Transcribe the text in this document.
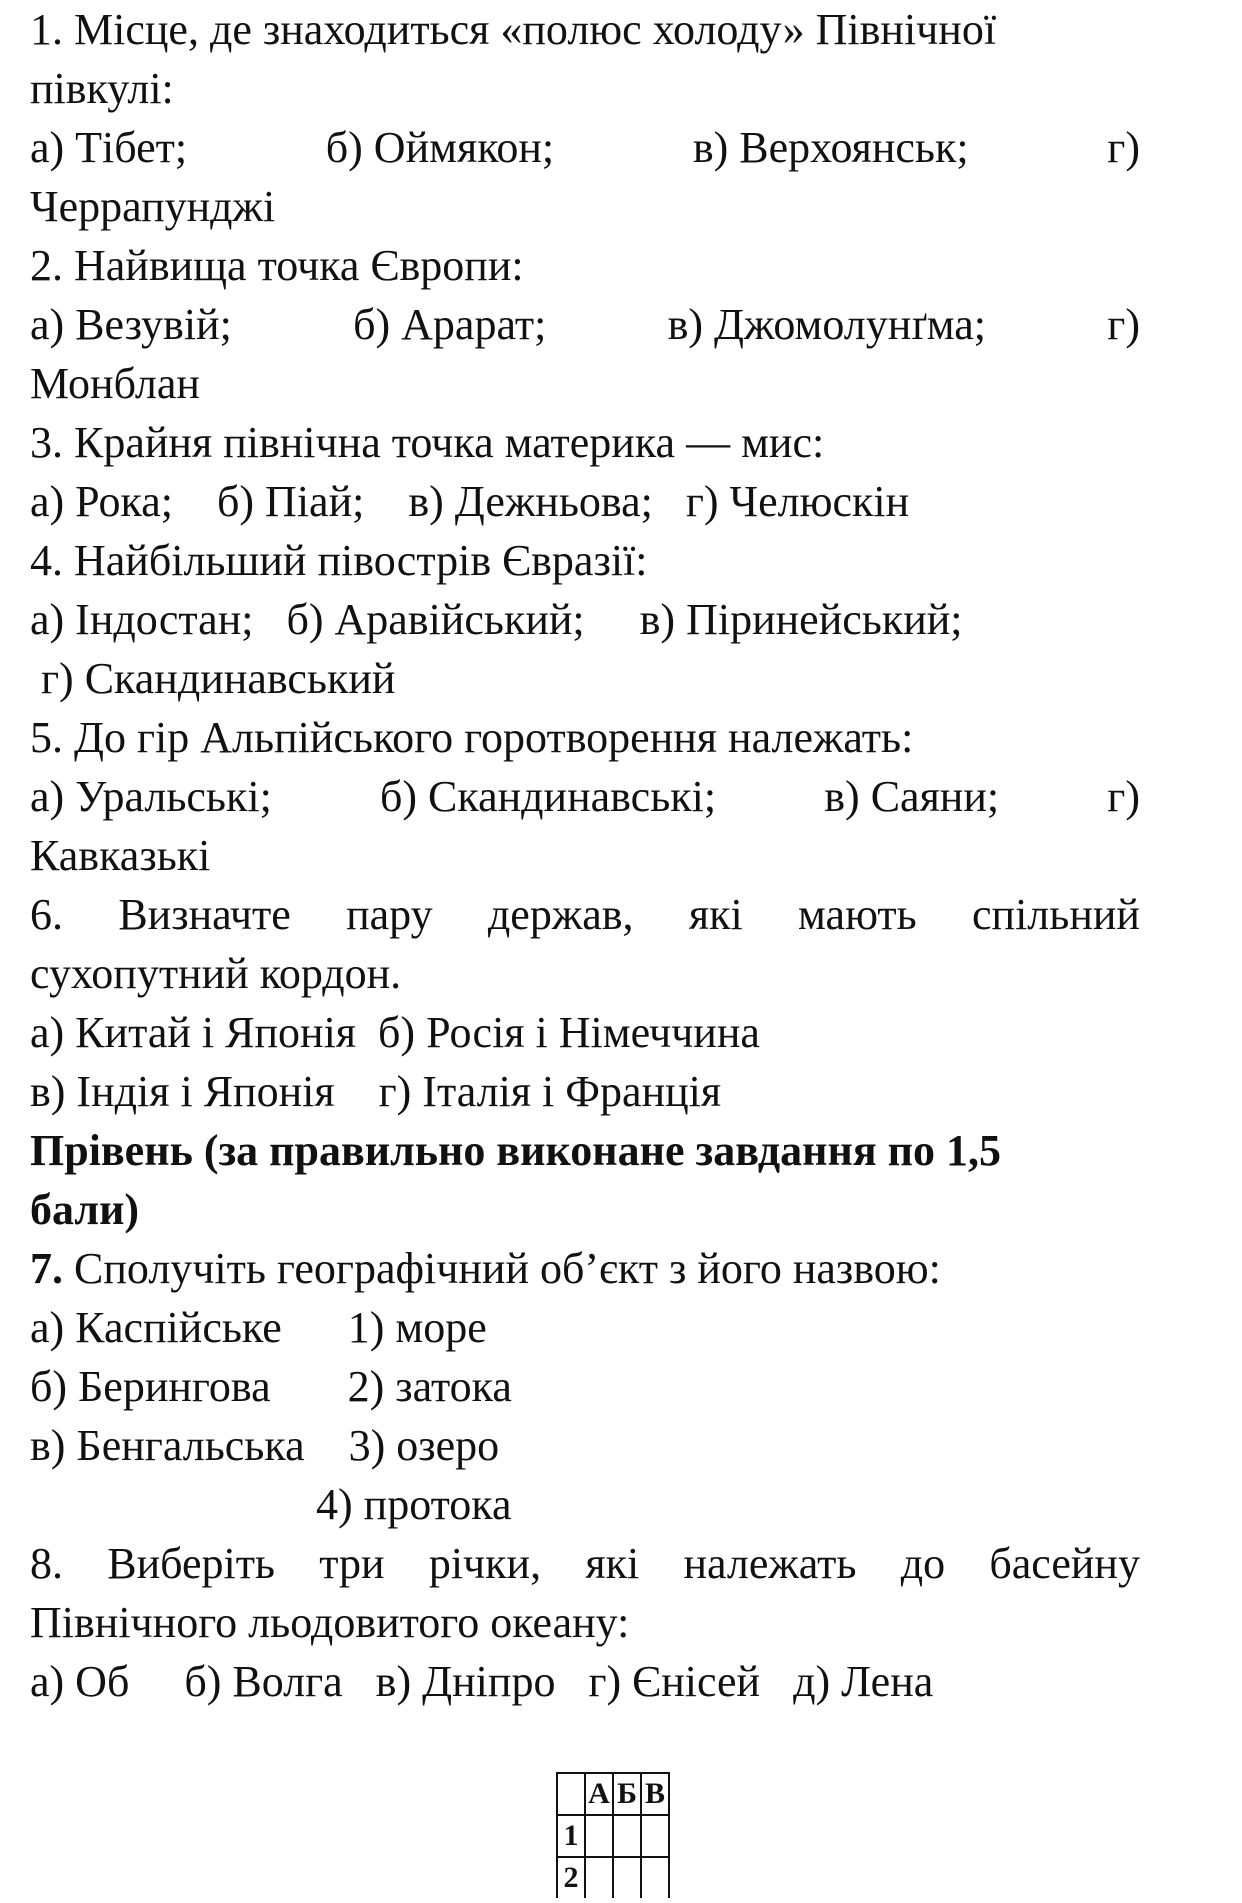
1. Місце, де знаходиться «полюс холоду» Північної
півкулі:
а) Тібет;	б) Оймякон;	в) Верхоянськ;	г)
Черрапунджі
2. Найвища точка Європи:
а) Везувій;	б) Арарат;	в) Джомолунґма;	г)
Монблан
3. Крайня північна точка материка — мис:
а) Рока;    б) Піай;    в) Дежньова;   г) Челюскін
4. Найбільший півострів Євразії:
а) Індостан;   б) Аравійський;     в) Піринейський;
г) Скандинавський
5. До гір Альпійського горотворення належать:
а) Уральські; б) Скандинавські; в) Саяни; г)
Кавказькі
6. Визначте пару держав, які мають спільний
сухопутний кордон.
а) Китай і Японія  б) Росія і Німеччина
в) Індія і Японія    г) Італія і Франція
Прівень (за правильно виконане завдання по 1,5
бали)
7. Сполучіть географічний об’єкт з його назвою:
а) Каспійське      1) море
б) Берингова       2) затока
в) Бенгальська    3) озеро
4) протока
8. Виберіть три річки, які належать до басейну
Північного льодовитого океану:
а) Об     б) Волга   в) Дніпро   г) Єнісей   д) Лена
	А	Б	В
1			
2			
